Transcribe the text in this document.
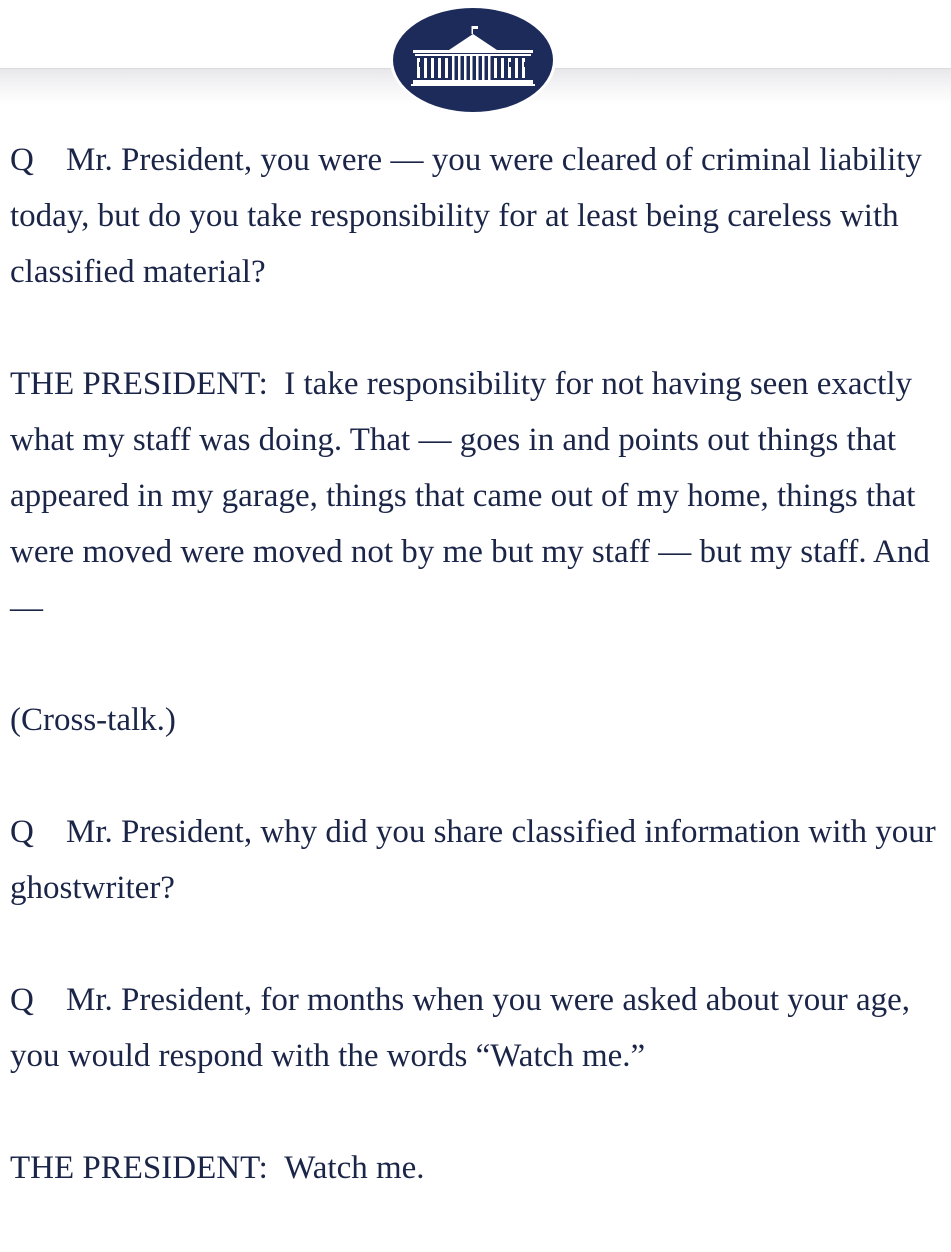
Q Mr. President, you were — you were cleared of criminal liability today, but do you take responsibility for at least being careless with classified material?

THE PRESIDENT: I take responsibility for not having seen exactly what my staff was doing. That — goes in and points out things that appeared in my garage, things that came out of my home, things that were moved were moved not by me but my staff — but my staff. And —

(Cross-talk.)

Q Mr. President, why did you share classified information with your ghostwriter?

Q Mr. President, for months when you were asked about your age, you would respond with the words “Watch me.”

THE PRESIDENT: Watch me.
